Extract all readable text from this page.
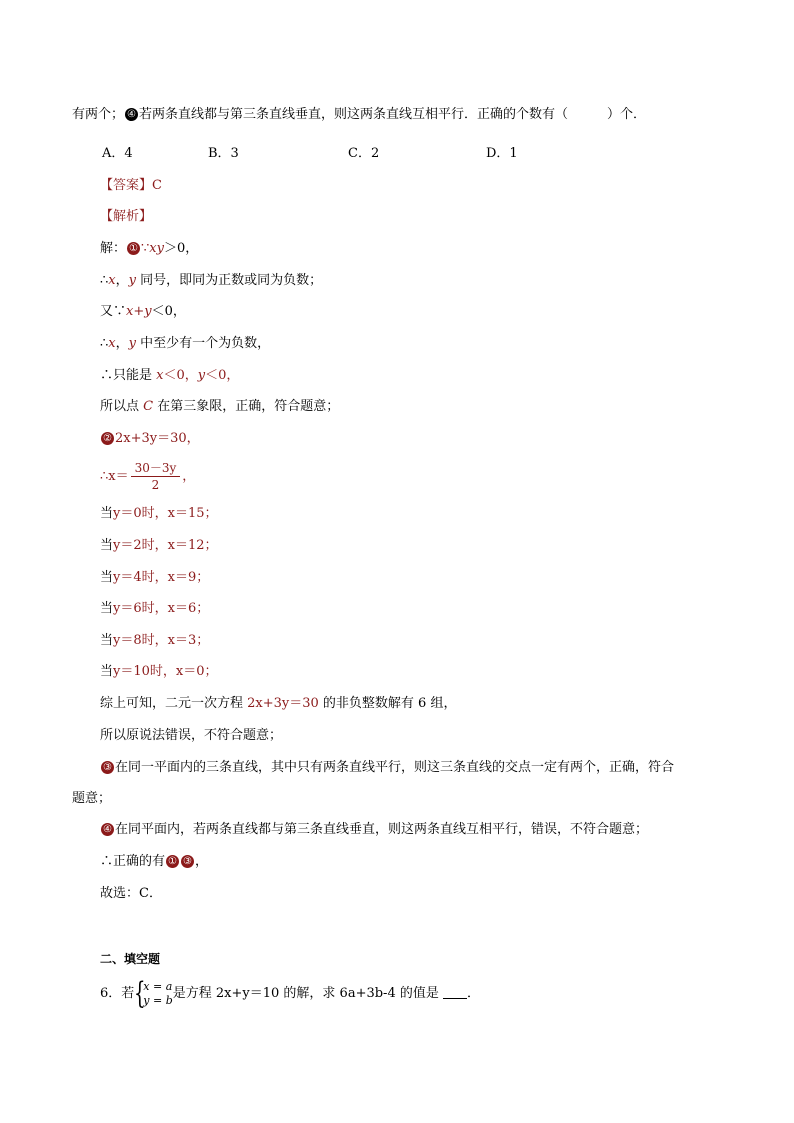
有两个； ④ 若两条直线都与第三条直线垂直，则这两条直线互相平行．正确的个数有（　　　）个．
A．4	B．3	C．2	D．1
【答案】C
【解析】
解： ① ∵xy＞0，
∴x，y 同号，即同为正数或同为负数；
又∵x+y＜0，
∴x，y 中至少有一个为负数，
∴只能是 x＜0，y＜0，
所以点 C 在第三象限，正确，符合题意；
② 2x+3y＝30，
∴x＝ $\frac{30-3y}{2}$ ，
当y＝0时，x＝15；
当y＝2时，x＝12；
当y＝4时，x＝9；
当y＝6时，x＝6；
当y＝8时，x＝3；
当y＝10时，x＝0；
综上可知，二元一次方程 2x+3y＝30 的非负整数解有 6 组，
所以原说法错误，不符合题意；
③ 在同一平面内的三条直线，其中只有两条直线平行，则这三条直线的交点一定有两个，正确，符合
题意；
④ 在同平面内，若两条直线都与第三条直线垂直，则这两条直线互相平行，错误，不符合题意；
∴正确的有 ① ③ ，
故选：C．
二、填空题
6．若 {
x = a
y = b 是方程 2x+y＝10 的解，求 6a+3b-4 的值是 ．
